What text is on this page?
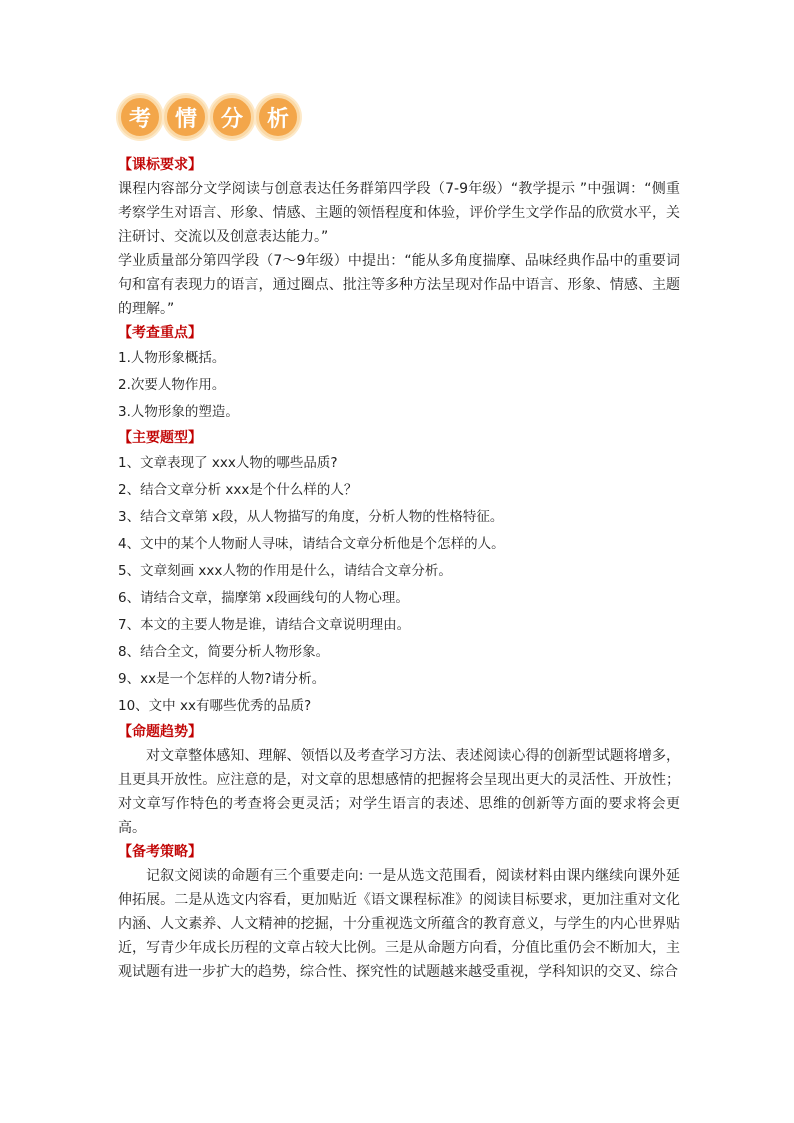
考	情	分	析
【课标要求】
课程内容部分文学阅读与创意表达任务群第四学段（7-9年级）“教学提示 ”中强调：“侧重考察学生对语言、形象、情感、主题的领悟程度和体验，评价学生文学作品的欣赏水平，关注研讨、交流以及创意表达能力。”
学业质量部分第四学段（7～9年级）中提出：“能从多角度揣摩、品味经典作品中的重要词句和富有表现力的语言，通过圈点、批注等多种方法呈现对作品中语言、形象、情感、主题的理解。”
【考查重点】
1.人物形象概括。
2.次要人物作用。
3.人物形象的塑造。
【主要题型】
1、文章表现了 xxx人物的哪些品质?
2、结合文章分析 xxx是个什么样的人？
3、结合文章第 x段，从人物描写的角度，分析人物的性格特征。
4、文中的某个人物耐人寻味，请结合文章分析他是个怎样的人。
5、文章刻画 xxx人物的作用是什么，请结合文章分析。
6、请结合文章，揣摩第 x段画线句的人物心理。
7、本文的主要人物是谁，请结合文章说明理由。
8、结合全文，简要分析人物形象。
9、xx是一个怎样的人物?请分析。
10、文中 xx有哪些优秀的品质?
【命题趋势】
对文章整体感知、理解、领悟以及考查学习方法、表述阅读心得的创新型试题将增多，且更具开放性。应注意的是，对文章的思想感情的把握将会呈现出更大的灵活性、开放性；对文章写作特色的考查将会更灵活；对学生语言的表述、思维的创新等方面的要求将会更高。
【备考策略】
记叙文阅读的命题有三个重要走向: 一是从选文范围看，阅读材料由课内继续向课外延伸拓展。二是从选文内容看，更加贴近《语文课程标准》的阅读目标要求，更加注重对文化内涵、人文素养、人文精神的挖掘，十分重视选文所蕴含的教育意义，与学生的内心世界贴近，写青少年成长历程的文章占较大比例。三是从命题方向看，分值比重仍会不断加大，主观试题有进一步扩大的趋势，综合性、探究性的试题越来越受重视，学科知识的交叉、综合
